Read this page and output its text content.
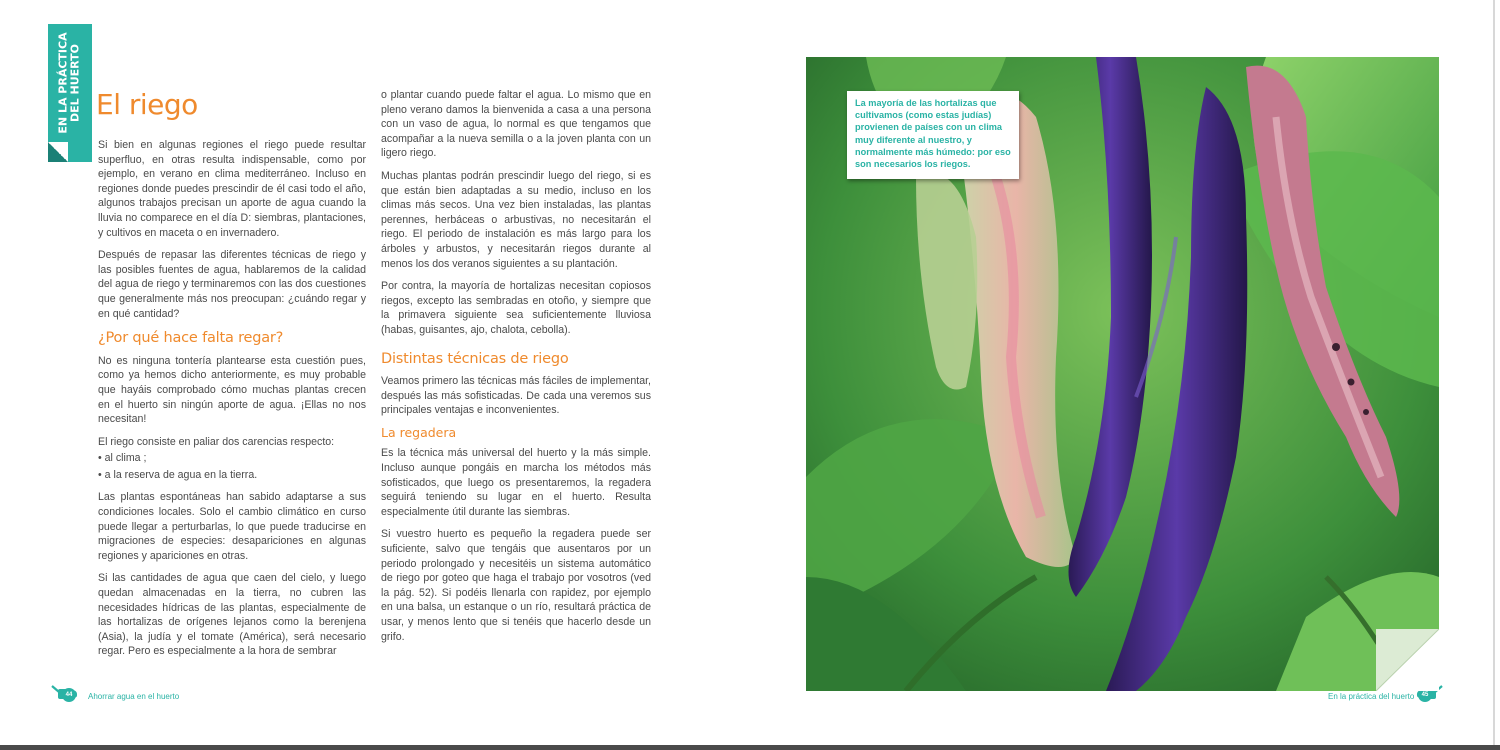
EN LA PRÁCTICA DEL HUERTO El riego

Si bien en algunas regiones el riego puede resultar superfluo, en otras resulta indispensable, como por ejemplo, en verano en clima mediterráneo. Incluso en regiones donde puedes prescindir de él casi todo el año, algunos trabajos precisan un aporte de agua cuando la lluvia no comparece en el día D: siembras, plantaciones, y cultivos en maceta o en invernadero.

Después de repasar las diferentes técnicas de riego y las posibles fuentes de agua, hablaremos de la calidad del agua de riego y terminaremos con las dos cuestiones que generalmente más nos preocupan: ¿cuándo regar y en qué cantidad?

¿Por qué hace falta regar?

No es ninguna tontería plantearse esta cuestión pues, como ya hemos dicho anteriormente, es muy probable que hayáis comprobado cómo muchas plantas crecen en el huerto sin ningún aporte de agua. ¡Ellas no nos necesitan!

El riego consiste en paliar dos carencias respecto:

• al clima ;

• a la reserva de agua en la tierra.

Las plantas espontáneas han sabido adaptarse a sus condiciones locales. Solo el cambio climático en curso puede llegar a perturbarlas, lo que puede traducirse en migraciones de especies: desapariciones en algunas regiones y apariciones en otras.

Si las cantidades de agua que caen del cielo, y luego quedan almacenadas en la tierra, no cubren las necesidades hídricas de las plantas, especialmente de las hortalizas de orígenes lejanos como la berenjena (Asia), la judía y el tomate (América), será necesario regar. Pero es especialmente a la hora de sembrar

o plantar cuando puede faltar el agua. Lo mismo que en pleno verano damos la bienvenida a casa a una persona con un vaso de agua, lo normal es que tengamos que acompañar a la nueva semilla o a la joven planta con un ligero riego.

Muchas plantas podrán prescindir luego del riego, si es que están bien adaptadas a su medio, incluso en los climas más secos. Una vez bien instaladas, las plantas perennes, herbáceas o arbustivas, no necesitarán el riego. El periodo de instalación es más largo para los árboles y arbustos, y necesitarán riegos durante al menos los dos veranos siguientes a su plantación.

Por contra, la mayoría de hortalizas necesitan copiosos riegos, excepto las sembradas en otoño, y siempre que la primavera siguiente sea suficientemente lluviosa (habas, guisantes, ajo, chalota, cebolla).

Distintas técnicas de riego

Veamos primero las técnicas más fáciles de implementar, después las más sofisticadas. De cada una veremos sus principales ventajas e inconvenientes.

La regadera

Es la técnica más universal del huerto y la más simple. Incluso aunque pongáis en marcha los métodos más sofisticados, que luego os presentaremos, la regadera seguirá teniendo su lugar en el huerto. Resulta especialmente útil durante las siembras.

Si vuestro huerto es pequeño la regadera puede ser suficiente, salvo que tengáis que ausentaros por un periodo prolongado y necesitéis un sistema automático de riego por goteo que haga el trabajo por vosotros (ved la pág. 52). Si podéis llenarla con rapidez, por ejemplo en una balsa, un estanque o un río, resultará práctica de usar, y menos lento que si tenéis que hacerlo desde un grifo.

44	Ahorrar agua en el huerto	En la práctica del huerto	45
La mayoría de las hortalizas que cultivamos (como estas judías) provienen de países con un clima muy diferente al nuestro, y normalmente más húmedo: por eso son necesarios los riegos.
